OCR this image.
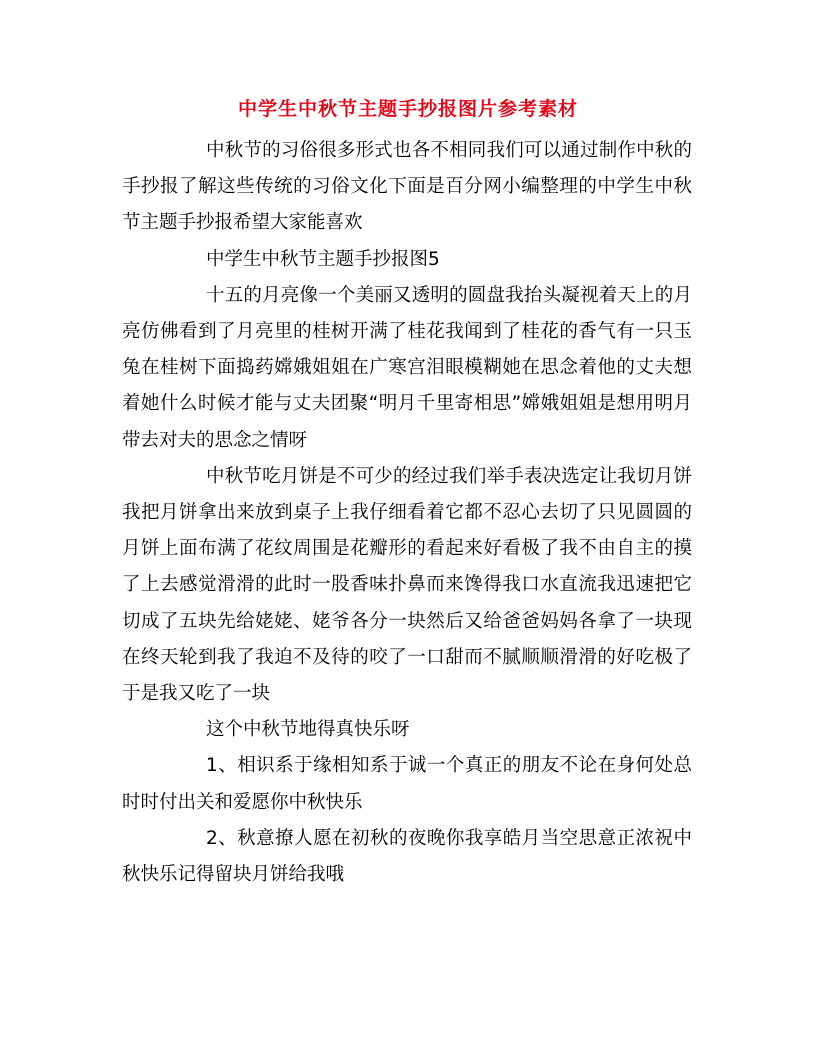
中学生中秋节主题手抄报图片参考素材

中秋节的习俗很多形式也各不相同我们可以通过制作中秋的手抄报了解这些传统的习俗文化下面是百分网小编整理的中学生中秋节主题手抄报希望大家能喜欢

中学生中秋节主题手抄报图5

十五的月亮像一个美丽又透明的圆盘我抬头凝视着天上的月亮仿佛看到了月亮里的桂树开满了桂花我闻到了桂花的香气有一只玉兔在桂树下面捣药嫦娥姐姐在广寒宫泪眼模糊她在思念着他的丈夫想着她什么时候才能与丈夫团聚“明月千里寄相思”嫦娥姐姐是想用明月带去对夫的思念之情呀

中秋节吃月饼是不可少的经过我们举手表决选定让我切月饼我把月饼拿出来放到桌子上我仔细看着它都不忍心去切了只见圆圆的月饼上面布满了花纹周围是花瓣形的看起来好看极了我不由自主的摸了上去感觉滑滑的此时一股香味扑鼻而来馋得我口水直流我迅速把它切成了五块先给姥姥、姥爷各分一块然后又给爸爸妈妈各拿了一块现在终天轮到我了我迫不及待的咬了一口甜而不腻顺顺滑滑的好吃极了于是我又吃了一块

这个中秋节地得真快乐呀

1、相识系于缘相知系于诚一个真正的朋友不论在身何处总时时付出关和爱愿你中秋快乐

2、秋意撩人愿在初秋的夜晚你我享皓月当空思意正浓祝中秋快乐记得留块月饼给我哦
